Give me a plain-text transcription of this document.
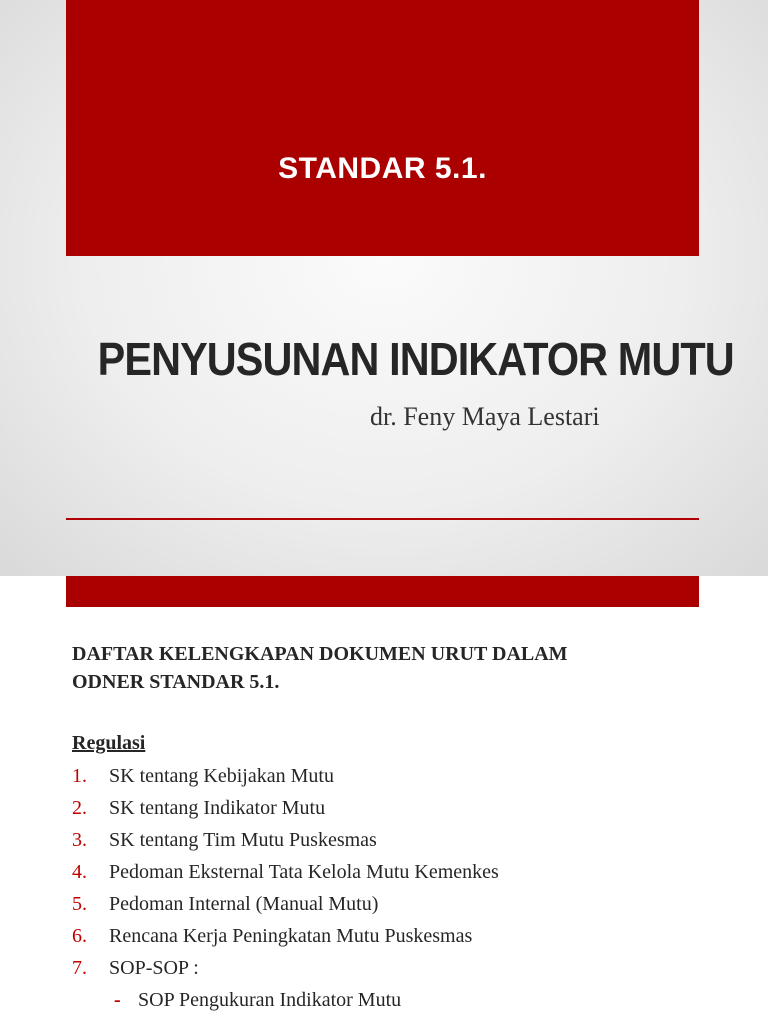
STANDAR 5.1.
PENYUSUNAN INDIKATOR MUTU
dr. Feny Maya Lestari
DAFTAR KELENGKAPAN DOKUMEN URUT DALAM
ODNER STANDAR 5.1.
Regulasi
1. SK tentang Kebijakan Mutu
2. SK tentang Indikator Mutu
3. SK tentang Tim Mutu Puskesmas
4. Pedoman Eksternal Tata Kelola Mutu Kemenkes
5. Pedoman Internal (Manual Mutu)
6. Rencana Kerja Peningkatan Mutu Puskesmas
7. SOP-SOP :
- SOP Pengukuran Indikator Mutu
